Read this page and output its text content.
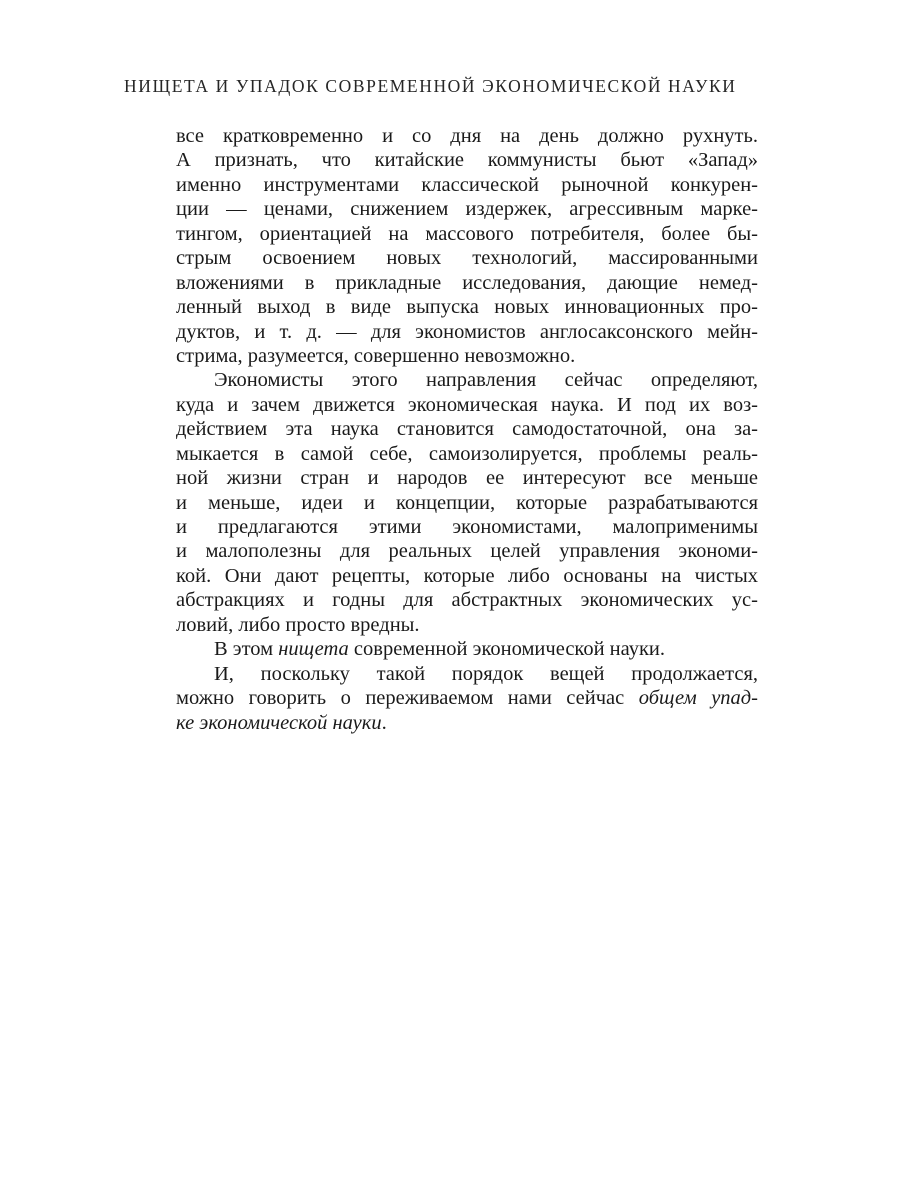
НИЩЕТА И УПАДОК СОВРЕМЕННОЙ ЭКОНОМИЧЕСКОЙ НАУКИ
все кратковременно и со дня на день должно рухнуть.
А признать, что китайские коммунисты бьют «Запад»
именно инструментами классической рыночной конкурен-
ции — ценами, снижением издержек, агрессивным марке-
тингом, ориентацией на массового потребителя, более бы-
стрым освоением новых технологий, массированными
вложениями в прикладные исследования, дающие немед-
ленный выход в виде выпуска новых инновационных про-
дуктов, и т. д. — для экономистов англосаксонского мейн-
стрима, разумеется, совершенно невозможно.
Экономисты этого направления сейчас определяют,
куда и зачем движется экономическая наука. И под их воз-
действием эта наука становится самодостаточной, она за-
мыкается в самой себе, самоизолируется, проблемы реаль-
ной жизни стран и народов ее интересуют все меньше
и меньше, идеи и концепции, которые разрабатываются
и предлагаются этими экономистами, малоприменимы
и малополезны для реальных целей управления экономи-
кой. Они дают рецепты, которые либо основаны на чистых
абстракциях и годны для абстрактных экономических ус-
ловий, либо просто вредны.
В этом нищета современной экономической науки.
И, поскольку такой порядок вещей продолжается,
можно говорить о переживаемом нами сейчас общем упад-
ке экономической науки.
